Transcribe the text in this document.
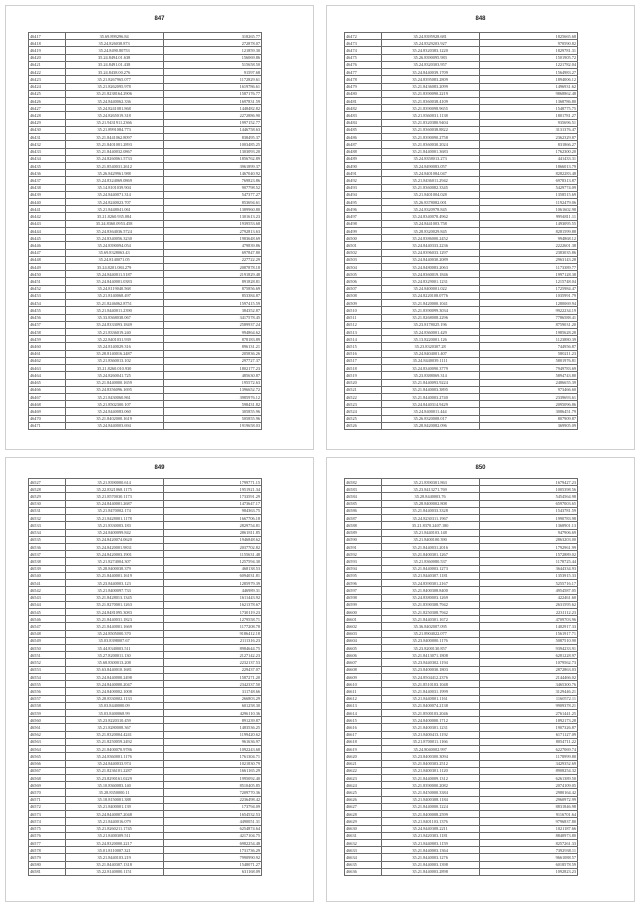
847
46417	35.69.899296.84	318265.77
46418	35.24.826038.873	272878.07
46419	35.24.8490.80753	121859.30
46420	35.24.8494.01.638	156069.86
46421	35.24.8491.01.438	515658.50
46422	35.24.8438.00.276	91597.68
46423	35.21.8267965.077	1172829.61
46424	35.21.8262095.978	1619786.61
46425	35.21.8238164.2906	1587176.77
46426	35.24.8440062.336	1697831.59
46427	35.24.8241081.868	1448482.82
46428	35.24.8265019.318	2272886.90
46429	35.21.9431911.2366	1997152.77
46430	35.21.8991084.773	1446758.63
46431	35.21.8441062.8097	838495.37
46432	35.21.8401001.2893	1003485.25
46433	35.21.8440032.0867	1303093.20
46434	35.24.8260061.5733	1856762.89
46435	35.21.8540031.2612	3961899.37
46436	35.26.8429961.988	1467040.92
46437	35.24.8324069.0869	769823.86
46438	35.14.8101039.904	907798.52
46439	35.24.8440071.314	547377.27
46440	35.24.8240023.707	853694.61
46441	35.21.8448041.061	1389960.80
46442	35.21.8260.935.084	1301613.23
46443	35.24.8360.0953.458	1939553.68
46444	35.24.8364036.5724	2792813.63
46445	35.24.8340056.3230	1983648.69
46446	35.24.8390094.054	479839.86
46447	35.69.8328063.43	697847.80
46448	35.24.8140071.05	227722.29
46449	35.24.8201.084.279	2087878.18
46450	35.24.8440011.5187	2191829.48
46451	35.24.8440001.0383	891828.81
46452	35.24.8119040.568	875856.69
46453	35.21.8140068.497	853384.87
46454	35.21.8246062.8751	1597415.59
46455	35.21.8440011.2390	384352.87
46456	35.33.8368038.067	3417578.45
46457	35.24.8333093.1849	2589937.24
46458	35.21.8336019.240	994864.62
46459	35.22.8401031.939	878183.89
46460	35.24.8140029.316	896131.21
46461	35.28.8140016.2487	205836.26
46462	35.21.8360013.102	297727.37
46463	35.21.8260.010.930	1802177.23
46464	35.24.8260041.725	485630.87
46465	35.21.8440000.1659	195572.63
46466	35.24.8356096.1695	1396652.72
46467	35.21.8430060.861	3985976.12
46468	35.21.8502300.107	598431.82
46469	35.24.8440083.060	305855.96
46470	35.21.8402000.1619	505855.96
46471	35.24.8440003.694	1919658.03
848
46472	35.24.8395928.681	1825665.68
46473	35.24.8329203.927	970590.82
46474	35.24.8320383.1220	1829781.31
46475	35.26.8390095.983	1501905.72
46476	35.24.8320303.957	1221782.04
46477	35.24.8440039.1709	1564983.27
46478	35.24.8395083.2809	1894006.12
46479	35.21.8436083.2099	1496931.62
46480	35.21.8390090.2219	9868862.48
46481	35.21.8360038.4109	1368786.80
46482	35.21.8390098.9655	1548775.75
46483	35.21.8360031.1138	1801781.27
46484	35.21.8320380.9404	935696.51
46485	35.21.8360038.8822	3131376.47
46486	35.21.8390090.2758	2362329.87
46487	35.21.8360030.2024	831866.27
46488	35.21.8440001.3683	1762300.20
46489	35.24.8358013.273	441433.31
46490	35.24.8490083.057	1866013.79
46491	35.24.8401084.047	8282283.48
46492	35.21.8436011.2942	6978313.87
46493	35.21.8360082.3345	5429774.09
46494	35.21.8401004.028	1358515.69
46495	35.26.8378082.001	1192479.06
46496	35.24.8320978.845	1061602.98
46497	35.24.8340078.4962	9994811.11
46498	35.24.8441003.758	1493095.55
46499	35.28.8320029.845	8281599.88
46500	35.24.8386000.2452	994868.12
46501	35.24.8440333.2236	2222601.38
46502	35.24.8396033.1297	2383035.86
46503	35.24.8440030.2089	2963143.28
46504	35.24.8480083.2063	1173389.77
46505	35.24.8360019.1846	1997128.38
46506	35.24.8329001.1231	1215748.04
46507	35.24.8400001.022	1725984.47
46508	35.24.8220108.0776	1035991.79
46509	35.21.8420000.1041	1280069.94
46510	35.21.8390099.3034	9922234.19
46511	35.21.8268008.2296	7786588.41
46512	35.23.8178025.196	8759031.20
46513	35.24.8360001.429	1985628.28
46514	35.13.8220001.126	1123880.39
46515	35.23.8320307.28	744956.87
46516	35.24.8404001.407	580211.23
46517	35.24.8440039.1111	5801976.81
46518	35.24.8340090.3779	7949783.69
46519	35.23.8388069.314	5894743.80
46520	35.21.8440093.9224	2486655.39
46521	35.21.8440003.3895	973466.60
46522	35.21.8440003.2740	2339693.61
46523	35.24.8440314.9429	2095096.86
46524	35.24.8400011.444	3086451.79
46525	35.26.8320008.017	807909.87
46526	35.28.8420082.096	369905.09
849
46527	35.21.8390000.614	1799771.15
46528	35.22.8321068.1175	1951921.34
46529	35.21.8570030.1173	1733591.29
46530	35.24.8440001.2687	1473647.17
46531	35.21.8470002.174	984363.75
46532	35.21.8428001.1178	1667706.18
46533	35.21.8330003.183	2829754.81
46534	35.24.8400099.842	2861811.85
46535	35.24.8420074.0620	1946848.62
46536	35.24.8420001.9831	2037702.82
46537	35.24.8420003.1901	1155631.48
46538	35.21.8274004.307	1257594.30
46539	35.28.8400038.379	468138.53
46540	35.21.8440001.1619	6094031.81
46541	35.23.8440003.123	1285979.39
46542	35.21.8400097.733	446989.31
46543	35.21.8428013.1345	1611443.92
46544	35.21.8270001.1263	1621378.67
46545	35.24.8481095.3083	1730119.23
46546	35.21.8440031.1823	1279558.71
46547	35.21.8440001.1669	1177208.78
46548	35.24.8505000.370	9186412.18
46549	35.03.8398007.67	2111316.23
46550	35.44.8340003.511	8984644.75
46551	35.27.8200011.130	2127142.23
46552	35.68.8300013.208	2232137.53
46553	35.63.8440010.1681	229437.07
46554	35.24.8440000.2498	1587271.20
46555	35.24.8440000.2047	2342337.50
46556	35.24.8400002.1008	311748.66
46557	35.28.8330002.1133	266803.29
46558	35.03.8440000.09	601258.30
46559	35.03.8400068.99	4296110.36
46560	35.23.8220310.459	891239.87
46561	35.21.8280008.367	1483536.25
46562	35.21.8320004.4241	1199420.62
46563	35.21.8250059.2492	961636.97
46564	35.21.8400070.9786	1092243.68
46565	35.24.8360001.1176	1761304.71
46566	35.24.8440033.974	1021830.79
46567	35.21.8236101.2287	1661165.29
46568	35.23.8290161.0229	1995092.40
46569	35.10.8360083.140	8510405.85
46570	35.28.8350000.11	7209770.36
46571	35.18.8150001.388	2236498.42
46572	35.21.8400001.139	173794.09
46573	35.24.8440007.2048	1654532.53
46574	35.21.8440016.079	4490051.31
46575	35.21.8260211.1745	6254874.64
46576	35.21.8400309.511	4217104.75
46577	35.24.8320000.2217	6982254.48
46578	35.01.8110007.321	1731736.29
46579	35.21.8440103.219	7990990.92
46580	35.21.8440307.1318	1548071.27
46581	35.22.8140000.1151	631168.09
850
46582	35.21.8390301.863	1679427.23
46583	35.23.8413271.769	1005398.56
46584	35.28.8440003.76	5454564.98
46585	35.28.8400002.808	6597003.65
46586	35.21.8440033.3328	1543781.59
46587	35.24.8230311.1967	1990783.98
46588	35.21.8370.2407.180	1368901.13
46589	35.21.8440103.148	947906.69
46590	35.21.8400100.390	2863203.00
46591	35.21.8440031.2016	1792961.99
46592	35.21.8400301.1267	1572889.02
46593	35.21.8360080.537	1178725.44
46594	35.21.8440003.1273	3644334.93
46595	35.21.8440307.1181	1353915.33
46596	35.24.8390301.2167	5255716.17
46597	35.21.8400308.8400	4954587.05
46598	35.24.8380003.1269	422461.60
46599	35.21.8390308.7942	2631595.62
46600	35.21.8250308.7942	2231112.23
46601	35.21.8440301.1672	4709703.96
46602	35.36.8402007.095	1402917.33
46603	35.21.8904022.077	1561917.71
46604	35.23.8400000.1176	5087510.90
46605	35.23.8200130.857	9394233.91
46606	35.21.8413071.1808	6281228.97
46607	35.23.8440302.1194	1079562.73
46608	35.23.8400030.1803	2872863.03
46609	35.24.8504412.2376	2144466.02
46610	35.21.8510103.1048	3465300.76
46611	35.21.8440031.1999	3129446.21
46612	35.21.8440001.1161	1160572.11
46613	35.21.8400074.2138	9909378.21
46614	35.21.8500103.2046	2761441.25
46615	35.24.8400000.1712	1892173.28
46616	35.21.8400301.1231	1907326.87
46617	35.21.8400413.1192	6171127.09
46618	35.21.8700011.1166	8054711.22
46619	35.24.8040002.997	6227069.74
46620	35.23.8400300.3094	1178999.80
46621	35.21.8400303.2512	3429352.69
46622	35.21.8400301.1120	8908254.32
46623	35.21.8440009.1312	6261389.50
46624	35.21.8390000.2082	2074109.05
46625	35.21.8450000.3384	2980164.42
46626	35.21.8400308.1184	2960972.99
46627	35.21.8440000.1224	8831846.98
46628	35.21.8400008.2599	9116701.64
46629	35.21.8401103.1376	9796837.80
46630	35.24.8440308.2211	1021187.66
46631	35.21.8420303.1181	8840973.80
46632	35.21.8440003.1159	8257261.33
46633	35.21.8440003.1364	7392938.11
46634	35.21.8440003.1276	9661088.57
46635	35.21.8440003.1398	6018578.59
46636	35.21.8440003.2898	1092823.23
